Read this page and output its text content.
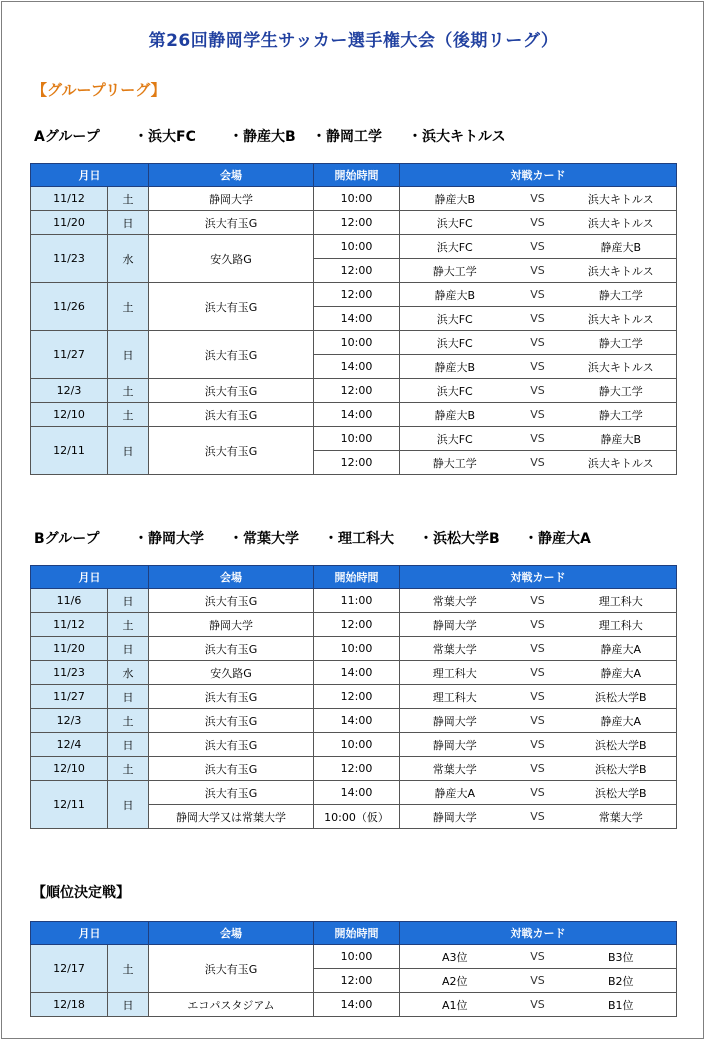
第26回静岡学生サッカー選手権大会（後期リーグ）
【グループリーグ】
Aグループ ・浜大FC ・静産大B ・静岡工学 ・浜大キトルス
月日		会場	開始時間	対戦カード		
11/12	土	静岡大学	10:00	静産大B	VS	浜大キトルス
11/20	日	浜大有玉G	12:00	浜大FC	VS	浜大キトルス
11/23	水	安久路G	10:00	浜大FC	VS	静産大B
			12:00	静大工学	VS	浜大キトルス
11/26	土	浜大有玉G	12:00	静産大B	VS	静大工学
			14:00	浜大FC	VS	浜大キトルス
11/27	日	浜大有玉G	10:00	浜大FC	VS	静大工学
			14:00	静産大B	VS	浜大キトルス
12/3	土	浜大有玉G	12:00	浜大FC	VS	静大工学
12/10	土	浜大有玉G	14:00	静産大B	VS	静大工学
12/11	日	浜大有玉G	10:00	浜大FC	VS	静産大B
			12:00	静大工学	VS	浜大キトルス
Bグループ ・静岡大学 ・常葉大学 ・理工科大 ・浜松大学B ・静産大A
月日		会場	開始時間	対戦カード		
11/6	日	浜大有玉G	11:00	常葉大学	VS	理工科大
11/12	土	静岡大学	12:00	静岡大学	VS	理工科大
11/20	日	浜大有玉G	10:00	常葉大学	VS	静産大A
11/23	水	安久路G	14:00	理工科大	VS	静産大A
11/27	日	浜大有玉G	12:00	理工科大	VS	浜松大学B
12/3	土	浜大有玉G	14:00	静岡大学	VS	静産大A
12/4	日	浜大有玉G	10:00	静岡大学	VS	浜松大学B
12/10	土	浜大有玉G	12:00	常葉大学	VS	浜松大学B
12/11	日	浜大有玉G	14:00	静産大A	VS	浜松大学B
		静岡大学又は常葉大学	10:00（仮）	静岡大学	VS	常葉大学
【順位決定戦】
月日		会場	開始時間	対戦カード		
12/17	土	浜大有玉G	10:00	A3位	VS	B3位
			12:00	A2位	VS	B2位
12/18	日	エコパスタジアム	14:00	A1位	VS	B1位
